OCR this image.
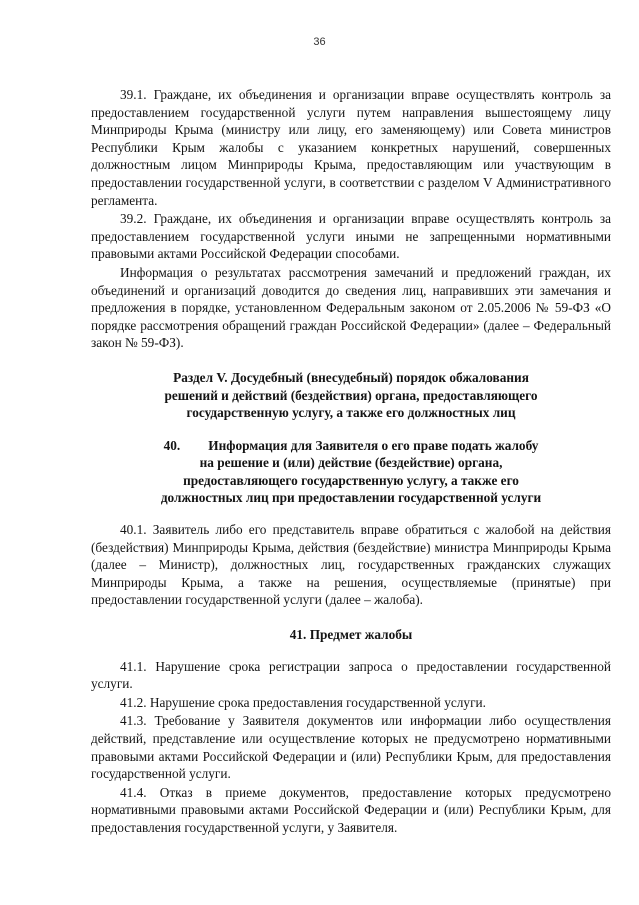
36

39.1. Граждане, их объединения и организации вправе осуществлять контроль за предоставлением государственной услуги путем направления вышестоящему лицу Минприроды Крыма (министру или лицу, его заменяющему) или Совета министров Республики Крым жалобы с указанием конкретных нарушений, совершенных должностным лицом Минприроды Крыма, предоставляющим или участвующим в предоставлении государственной услуги, в соответствии с разделом V Административного регламента.

39.2. Граждане, их объединения и организации вправе осуществлять контроль за предоставлением государственной услуги иными не запрещенными нормативными правовыми актами Российской Федерации способами.

Информация о результатах рассмотрения замечаний и предложений граждан, их объединений и организаций доводится до сведения лиц, направивших эти замечания и предложения в порядке, установленном Федеральным законом от 2.05.2006 № 59-ФЗ «О порядке рассмотрения обращений граждан Российской Федерации» (далее – Федеральный закон № 59-ФЗ).

Раздел V. Досудебный (внесудебный) порядок обжалования
решений и действий (бездействия) органа, предоставляющего
государственную услугу, а также его должностных лиц
40. Информация для Заявителя о его праве подать жалобу
на решение и (или) действие (бездействие) органа,
предоставляющего государственную услугу, а также его
должностных лиц при предоставлении государственной услуги

40.1. Заявитель либо его представитель вправе обратиться с жалобой на действия (бездействия) Минприроды Крыма, действия (бездействие) министра Минприроды Крыма (далее – Министр), должностных лиц, государственных гражданских служащих Минприроды Крыма, а также на решения, осуществляемые (принятые) при предоставлении государственной услуги (далее – жалоба).

41. Предмет жалобы

41.1. Нарушение срока регистрации запроса о предоставлении государственной услуги.

41.2. Нарушение срока предоставления государственной услуги.

41.3. Требование у Заявителя документов или информации либо осуществления действий, представление или осуществление которых не предусмотрено нормативными правовыми актами Российской Федерации и (или) Республики Крым, для предоставления государственной услуги.

41.4. Отказ в приеме документов, предоставление которых предусмотрено нормативными правовыми актами Российской Федерации и (или) Республики Крым, для предоставления государственной услуги, у Заявителя.
